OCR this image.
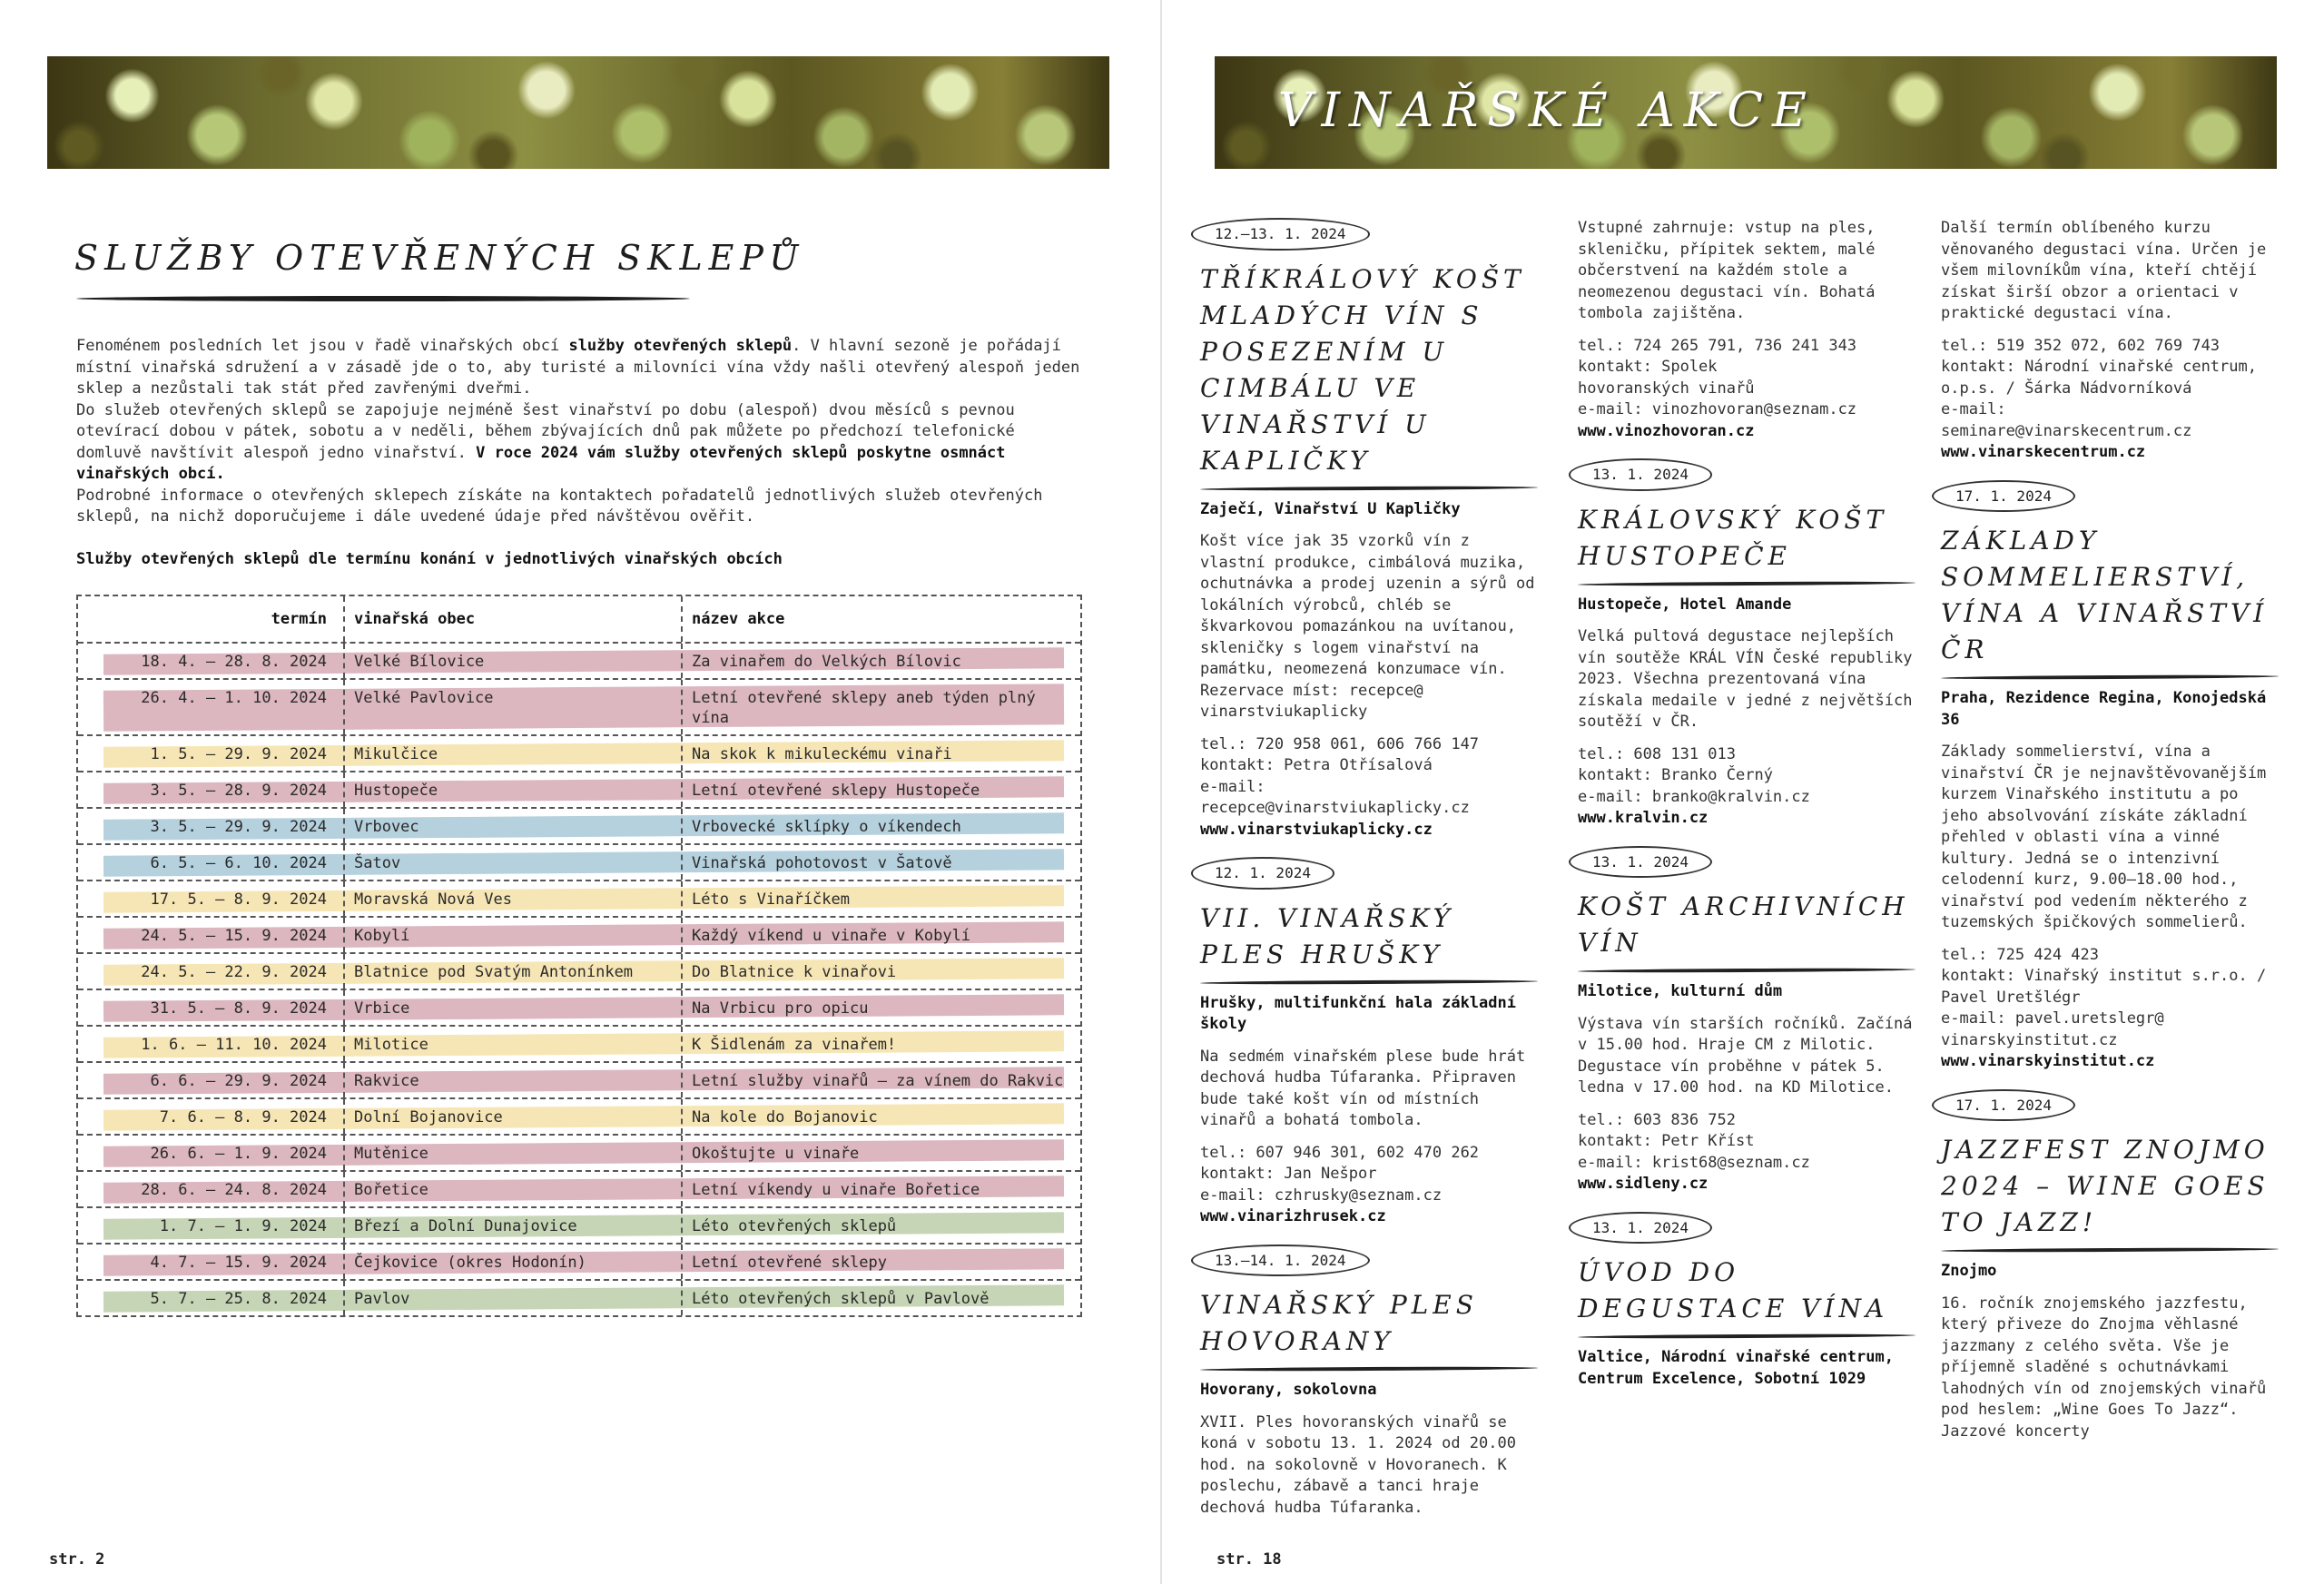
SLUŽBY OTEVŘENÝCH SKLEPŮ

Fenoménem posledních let jsou v řadě vinařských obcí služby otevřených sklepů. V hlavní sezoně je pořádají místní vinařská sdružení a v zásadě jde o to, aby turisté a milovníci vína vždy našli otevřený alespoň jeden sklep a nezůstali tak stát před zavřenými dveřmi.

Do služeb otevřených sklepů se zapojuje nejméně šest vinařství po dobu (alespoň) dvou měsíců s pevnou otevírací dobou v pátek, sobotu a v neděli, během zbývajících dnů pak můžete po předchozí telefonické domluvě navštívit alespoň jedno vinařství. V roce 2024 vám služby otevřených sklepů poskytne osmnáct vinařských obcí.

Podrobné informace o otevřených sklepech získáte na kontaktech pořadatelů jednotlivých služeb otevřených sklepů, na nichž doporučujeme i dále uvedené údaje před návštěvou ověřit.

Služby otevřených sklepů dle termínu konání v jednotlivých vinařských obcích
termín	vinařská obec	název akce
18. 4. – 28. 8. 2024	Velké Bílovice	Za vinařem do Velkých Bílovic
26. 4. – 1. 10. 2024	Velké Pavlovice	Letní otevřené sklepy aneb týden plný vína
1. 5. – 29. 9. 2024	Mikulčice	Na skok k mikuleckému vinaři
3. 5. – 28. 9. 2024	Hustopeče	Letní otevřené sklepy Hustopeče
3. 5. – 29. 9. 2024	Vrbovec	Vrbovecké sklípky o víkendech
6. 5. – 6. 10. 2024	Šatov	Vinařská pohotovost v Šatově
17. 5. – 8. 9. 2024	Moravská Nová Ves	Léto s Vinaříčkem
24. 5. – 15. 9. 2024	Kobylí	Každý víkend u vinaře v Kobylí
24. 5. – 22. 9. 2024	Blatnice pod Svatým Antonínkem	Do Blatnice k vinařovi
31. 5. – 8. 9. 2024	Vrbice	Na Vrbicu pro opicu
1. 6. – 11. 10. 2024	Milotice	K Šidlenám za vinařem!
6. 6. – 29. 9. 2024	Rakvice	Letní služby vinařů – za vínem do Rakvic
7. 6. – 8. 9. 2024	Dolní Bojanovice	Na kole do Bojanovic
26. 6. – 1. 9. 2024	Mutěnice	Okoštujte u vinaře
28. 6. – 24. 8. 2024	Bořetice	Letní víkendy u vinaře Bořetice
1. 7. – 1. 9. 2024	Březí a Dolní Dunajovice	Léto otevřených sklepů
4. 7. – 15. 9. 2024	Čejkovice (okres Hodonín)	Letní otevřené sklepy
5. 7. – 25. 8. 2024	Pavlov	Léto otevřených sklepů v Pavlově
str. 2
VINAŘSKÉ AKCE
12.–13. 1. 2024
TŘÍKRÁLOVÝ KOŠT MLADÝCH VÍN S POSEZENÍM U CIMBÁLU VE VINAŘSTVÍ U KAPLIČKY
Zaječí, Vinařství U Kapličky
Košt více jak 35 vzorků vín z vlastní produkce, cimbálová muzika, ochutnávka a prodej uzenin a sýrů od lokálních výrobců, chléb se škvarkovou pomazánkou na uvítanou, skleničky s logem vinařství na památku, neomezená konzumace vín. Rezervace míst: recepce@ vinarstviukaplicky
tel.: 720 958 061, 606 766 147
kontakt: Petra Otřísalová
e-mail:
recepce@vinarstviukaplicky.cz
www.vinarstviukaplicky.cz
12. 1. 2024
VII. VINAŘSKÝ PLES HRUŠKY
Hrušky, multifunkční hala základní školy
Na sedmém vinařském plese bude hrát dechová hudba Túfaranka. Připraven bude také košt vín od místních vinařů a bohatá tombola.
tel.: 607 946 301, 602 470 262
kontakt: Jan Nešpor
e-mail: czhrusky@seznam.cz
www.vinarizhrusek.cz
13.–14. 1. 2024
VINAŘSKÝ PLES HOVORANY
Hovorany, sokolovna
XVII. Ples hovoranských vinařů se koná v sobotu 13. 1. 2024 od 20.00 hod. na sokolovně v Hovoranech. K poslechu, zábavě a tanci hraje dechová hudba Túfaranka.
Vstupné zahrnuje: vstup na ples, skleničku, přípitek sektem, malé občerstvení na každém stole a neomezenou degustaci vín. Bohatá tombola zajištěna.
tel.: 724 265 791, 736 241 343
kontakt: Spolek
hovoranských vinařů
e-mail: vinozhovoran@seznam.cz
www.vinozhovoran.cz
13. 1. 2024
KRÁLOVSKÝ KOŠT HUSTOPEČE
Hustopeče, Hotel Amande
Velká pultová degustace nejlepších vín soutěže KRÁL VÍN České republiky 2023. Všechna prezentovaná vína získala medaile v jedné z největších soutěží v ČR.
tel.: 608 131 013
kontakt: Branko Černý
e-mail: branko@kralvin.cz
www.kralvin.cz
13. 1. 2024
KOŠT ARCHIVNÍCH VÍN
Milotice, kulturní dům
Výstava vín starších ročníků. Začíná v 15.00 hod. Hraje CM z Milotic. Degustace vín proběhne v pátek 5. ledna v 17.00 hod. na KD Milotice.
tel.: 603 836 752
kontakt: Petr Kříst
e-mail: krist68@seznam.cz
www.sidleny.cz
13. 1. 2024
ÚVOD DO DEGUSTACE VÍNA
Valtice, Národní vinařské centrum, Centrum Excelence, Sobotní 1029
Další termín oblíbeného kurzu věnovaného degustaci vína. Určen je všem milovníkům vína, kteří chtějí získat širší obzor a orientaci v praktické degustaci vína.
tel.: 519 352 072, 602 769 743
kontakt: Národní vinařské centrum, o.p.s. / Šárka Nádvorníková
e-mail:
seminare@vinarskecentrum.cz
www.vinarskecentrum.cz
17. 1. 2024
ZÁKLADY SOMMELIERSTVÍ, VÍNA A VINAŘSTVÍ ČR
Praha, Rezidence Regina, Konojedská 36
Základy sommelierství, vína a vinařství ČR je nejnavštěvovanějším kurzem Vinařského institutu a po jeho absolvování získáte základní přehled v oblasti vína a vinné kultury. Jedná se o intenzivní celodenní kurz, 9.00–18.00 hod., vinařství pod vedením některého z tuzemských špičkových sommelierů.
tel.: 725 424 423
kontakt: Vinařský institut s.r.o. / Pavel Uretšlégr
e-mail: pavel.uretslegr@ vinarskyinstitut.cz
www.vinarskyinstitut.cz
17. 1. 2024
JAZZFEST ZNOJMO 2024 – WINE GOES TO JAZZ!
Znojmo
16. ročník znojemského jazzfestu, který přiveze do Znojma věhlasné jazzmany z celého světa. Vše je příjemně sladěné s ochutnávkami lahodných vín od znojemských vinařů pod heslem: „Wine Goes To Jazz“. Jazzové koncerty
str. 18
